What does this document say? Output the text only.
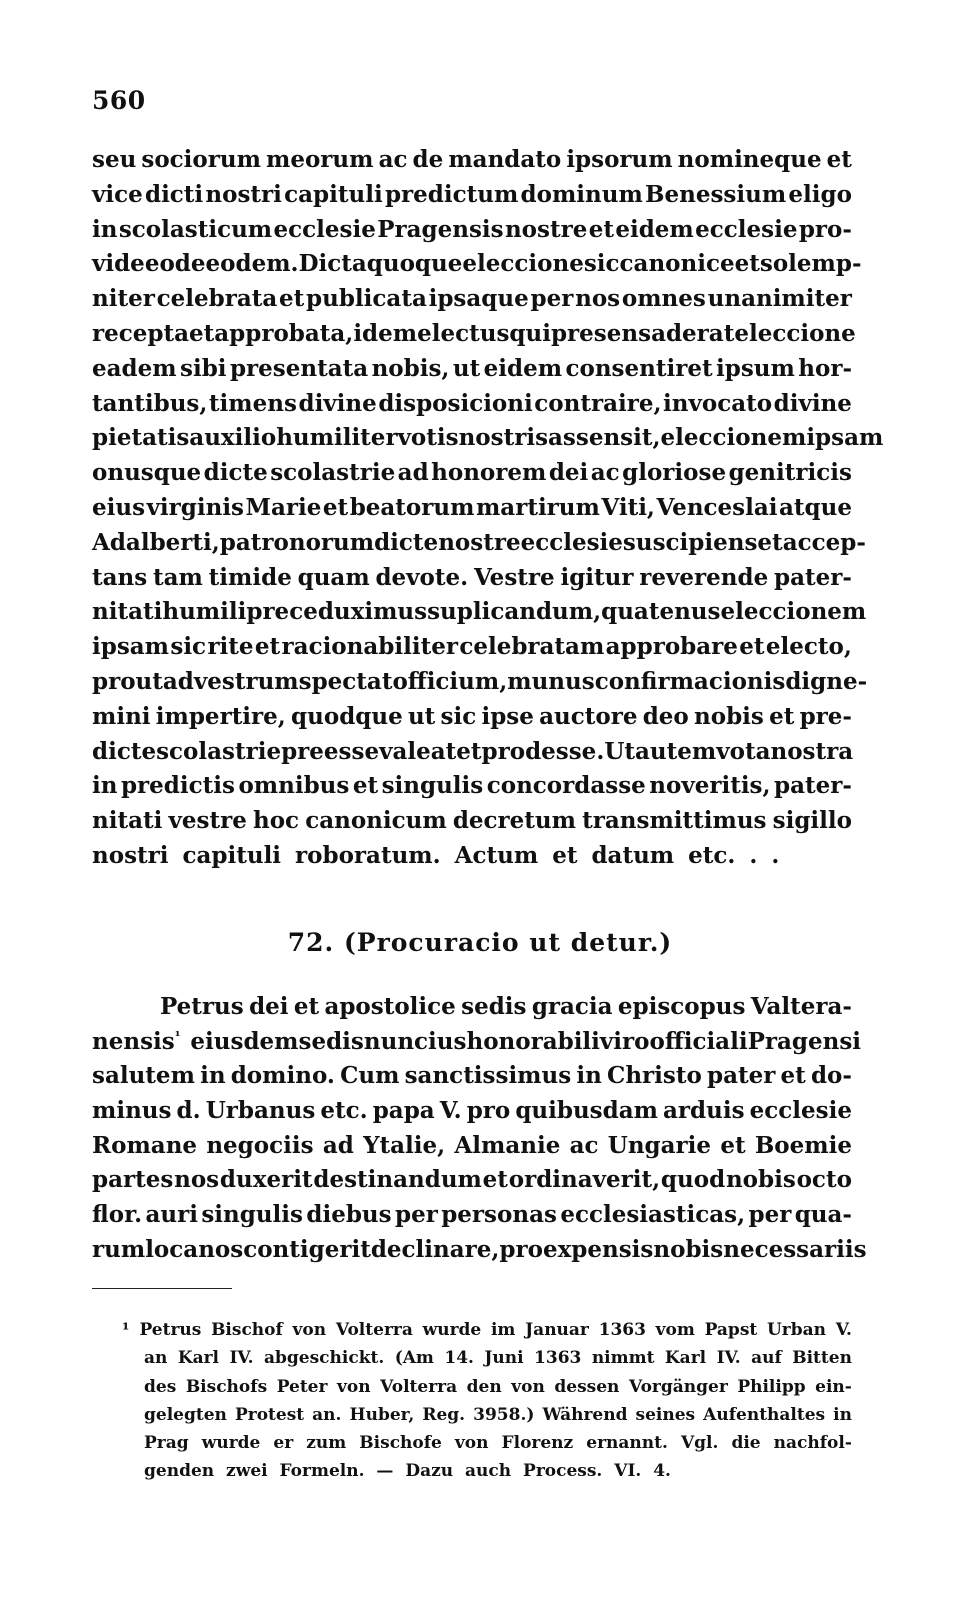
560
seu sociorum meorum ac de mandato ipsorum nomineque et
vice dicti nostri capituli predictum dominum Benessium eligo
in scolasticum ecclesie Pragensis nostre et eidem ecclesie pro-
videeo de eodem. Dicta quoque eleccione sic canonice et solemp-
niter celebrata et publicata ipsaque per nos omnes unanimiter
recepta et approbata, idem electus qui presens aderat eleccione
eadem sibi presentata nobis, ut eidem consentiret ipsum hor-
tantibus, timens divine disposicioni contraire, invocato divine
pietatis auxilio humiliter votis nostris assensit, eleccionem ipsam
onusque dicte scolastrie ad honorem dei ac gloriose genitricis
eius virginis Marie et beatorum martirum Viti, Venceslai atque
Adalberti, patronorum dicte nostre ecclesie suscipiens et accep-
tans tam timide quam devote. Vestre igitur reverende pater-
nitati humili prece duximus suplicandum, quatenus eleccionem
ipsam sic rite et racionabiliter celebratam approbare et electo,
prout ad vestrum spectat officium, munus confirmacionis digne-
mini impertire, quodque ut sic ipse auctore deo nobis et pre-
dicte scolastrie preesse valeat et prodesse. Ut autem vota nostra
in predictis omnibus et singulis concordasse noveritis, pater-
nitati vestre hoc canonicum decretum transmittimus sigillo
nostri capituli roboratum. Actum et datum etc. . .
72. (Procuracio ut detur.)
Petrus dei et apostolice sedis gracia episcopus Valtera-
nensis$^{^1}$ eiusdem sedis nuncius honorabili viro officiali Pragensi
salutem in domino. Cum sanctissimus in Christo pater et do-
minus d. Urbanus etc. papa V. pro quibusdam arduis ecclesie
Romane negociis ad Ytalie, Almanie ac Ungarie et Boemie
partes nos duxerit destinandum et ordinaverit, quod nobis octo
flor. auri singulis diebus per personas ecclesiasticas, per qua-
rum loca nos contigerit declinare, pro expensis nobis necessariis
¹ Petrus Bischof von Volterra wurde im Januar 1363 vom Papst Urban V.
an Karl IV. abgeschickt. (Am 14. Juni 1363 nimmt Karl IV. auf Bitten
des Bischofs Peter von Volterra den von dessen Vorgänger Philipp ein-
gelegten Protest an. Huber, Reg. 3958.) Während seines Aufenthaltes in
Prag wurde er zum Bischofe von Florenz ernannt. Vgl. die nachfol-
genden zwei Formeln. — Dazu auch Process. VI. 4.
